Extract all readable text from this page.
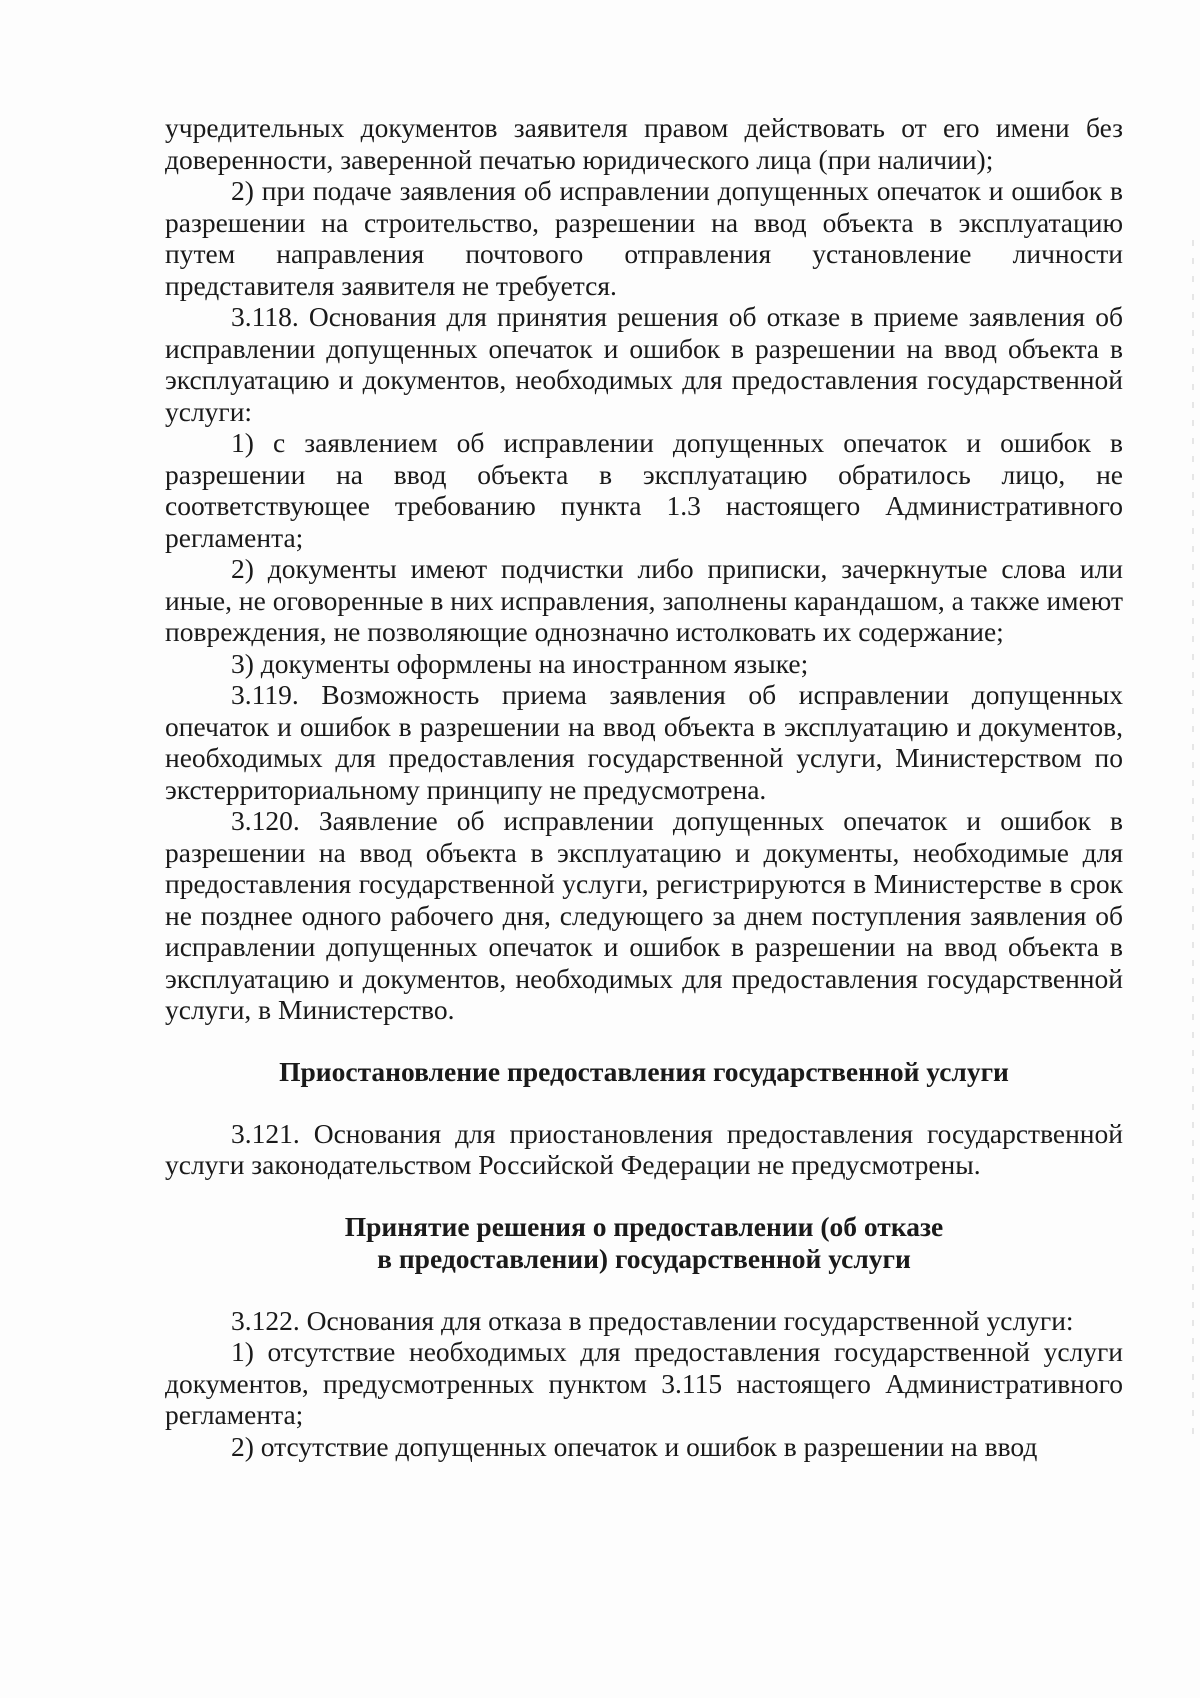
учредительных документов заявителя правом действовать от его имени без доверенности, заверенной печатью юридического лица (при наличии);

2) при подаче заявления об исправлении допущенных опечаток и ошибок в разрешении на строительство, разрешении на ввод объекта в эксплуатацию путем направления почтового отправления установление личности представителя заявителя не требуется.

3.118. Основания для принятия решения об отказе в приеме заявления об исправлении допущенных опечаток и ошибок в разрешении на ввод объекта в эксплуатацию и документов, необходимых для предоставления государственной услуги:

1) с заявлением об исправлении допущенных опечаток и ошибок в разрешении на ввод объекта в эксплуатацию обратилось лицо, не соответствующее требованию пункта 1.3 настоящего Административного регламента;

2) документы имеют подчистки либо приписки, зачеркнутые слова или иные, не оговоренные в них исправления, заполнены карандашом, а также имеют повреждения, не позволяющие однозначно истолковать их содержание;

3) документы оформлены на иностранном языке;

3.119. Возможность приема заявления об исправлении допущенных опечаток и ошибок в разрешении на ввод объекта в эксплуатацию и документов, необходимых для предоставления государственной услуги, Министерством по экстерриториальному принципу не предусмотрена.

3.120. Заявление об исправлении допущенных опечаток и ошибок в разрешении на ввод объекта в эксплуатацию и документы, необходимые для предоставления государственной услуги, регистрируются в Министерстве в срок не позднее одного рабочего дня, следующего за днем поступления заявления об исправлении допущенных опечаток и ошибок в разрешении на ввод объекта в эксплуатацию и документов, необходимых для предоставления государственной услуги, в Министерство.

Приостановление предоставления государственной услуги

3.121. Основания для приостановления предоставления государственной услуги законодательством Российской Федерации не предусмотрены.

Принятие решения о предоставлении (об отказе

в предоставлении) государственной услуги

3.122. Основания для отказа в предоставлении государственной услуги:

1) отсутствие необходимых для предоставления государственной услуги документов, предусмотренных пунктом 3.115 настоящего Административного регламента;

2) отсутствие допущенных опечаток и ошибок в разрешении на ввод
